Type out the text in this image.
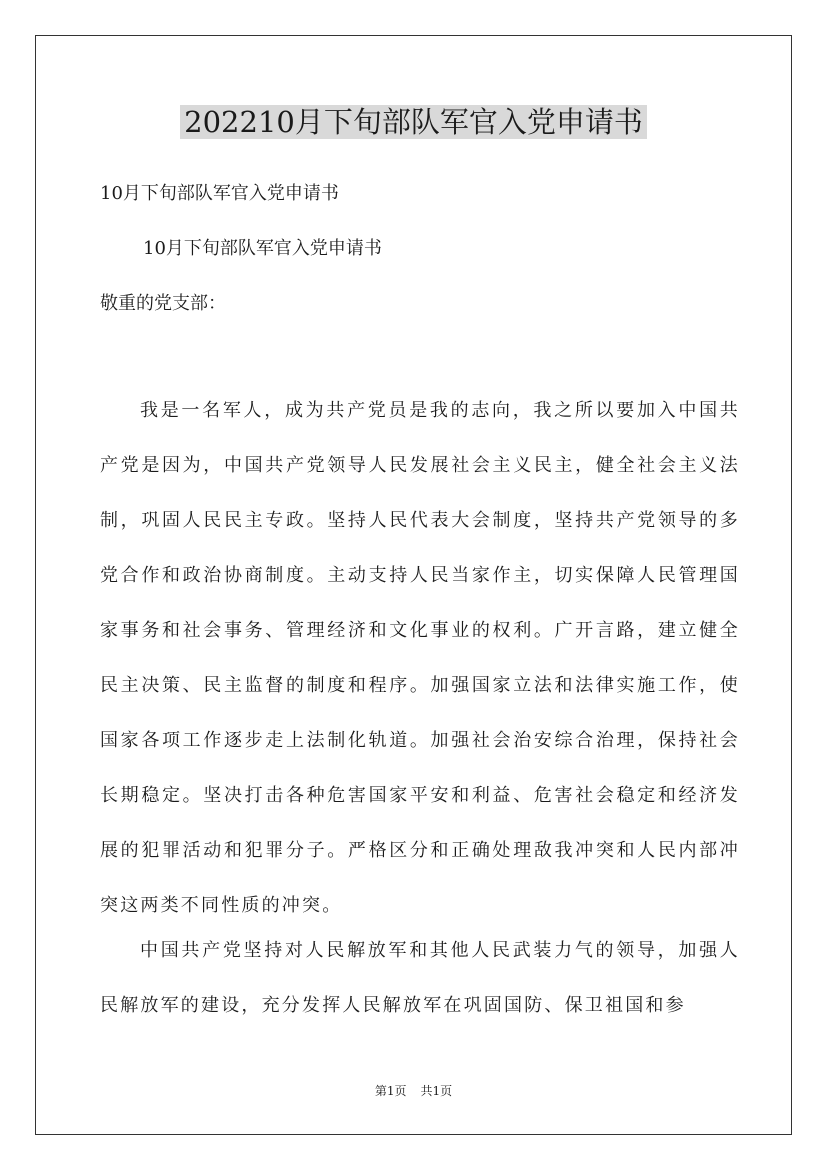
202210月下旬部队军官入党申请书
10月下旬部队军官入党申请书
10月下旬部队军官入党申请书
敬重的党支部：
我是一名军人，成为共产党员是我的志向，我之所以要加入中国共产党是因为，中国共产党领导人民发展社会主义民主，健全社会主义法制，巩固人民民主专政。坚持人民代表大会制度，坚持共产党领导的多党合作和政治协商制度。主动支持人民当家作主，切实保障人民管理国家事务和社会事务、管理经济和文化事业的权利。广开言路，建立健全民主决策、民主监督的制度和程序。加强国家立法和法律实施工作，使国家各项工作逐步走上法制化轨道。加强社会治安综合治理，保持社会长期稳定。坚决打击各种危害国家平安和利益、危害社会稳定和经济发展的犯罪活动和犯罪分子。严格区分和正确处理敌我冲突和人民内部冲突这两类不同性质的冲突。
中国共产党坚持对人民解放军和其他人民武装力气的领导，加强人民解放军的建设，充分发挥人民解放军在巩固国防、保卫祖国和参
第1页 共1页
